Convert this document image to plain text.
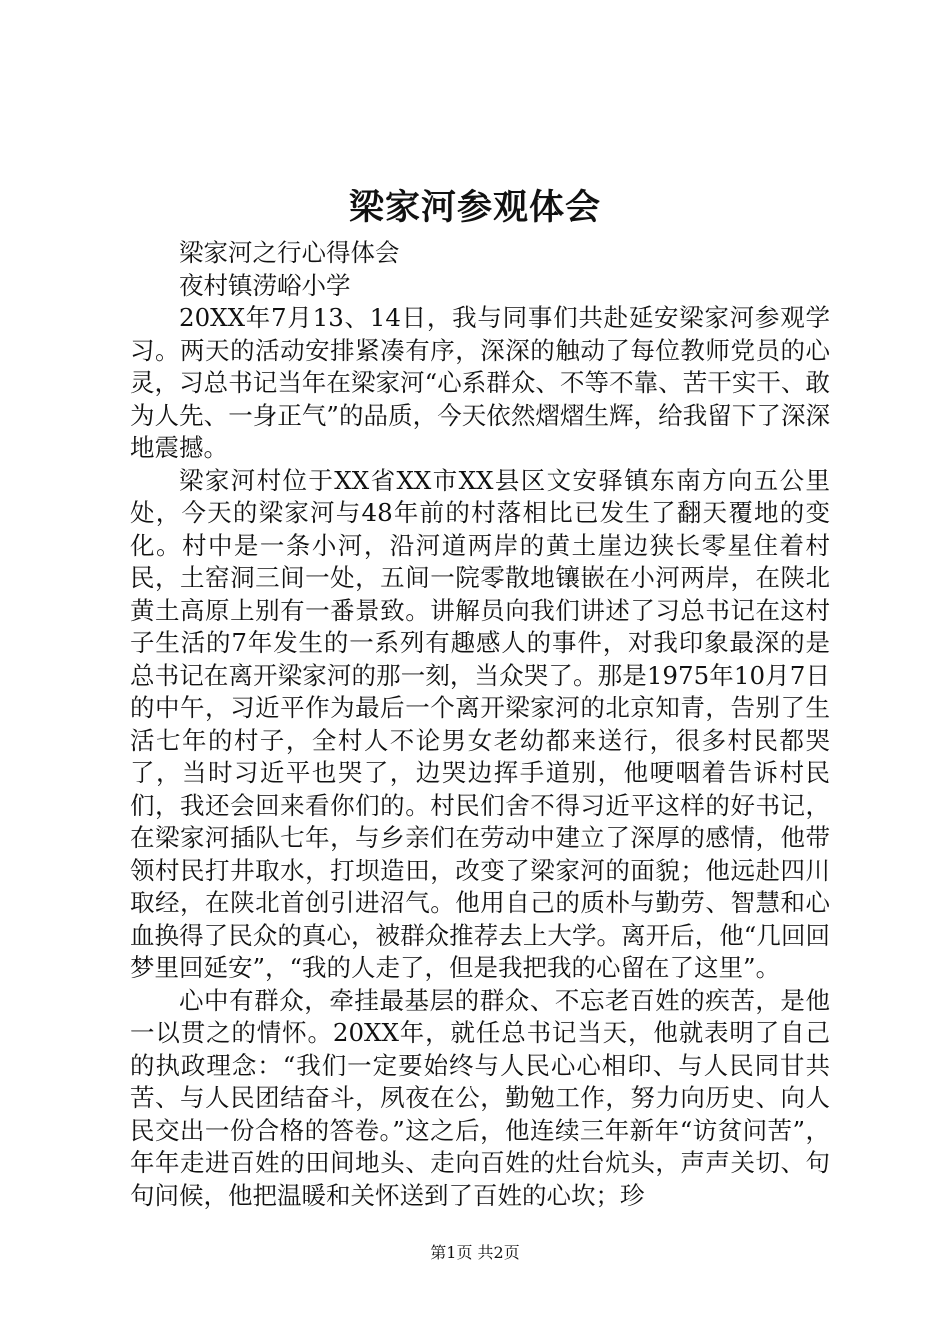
梁家河参观体会

梁家河之行心得体会

夜村镇涝峪小学

20XX年7月13、14日，我与同事们共赴延安梁家河参观学习。两天的活动安排紧凑有序，深深的触动了每位教师党员的心灵，习总书记当年在梁家河“心系群众、不等不靠、苦干实干、敢为人先、一身正气”的品质，今天依然熠熠生辉，给我留下了深深地震撼。

梁家河村位于XX省XX市XX县区文安驿镇东南方向五公里处，今天的梁家河与48年前的村落相比已发生了翻天覆地的变化。村中是一条小河，沿河道两岸的黄土崖边狭长零星住着村民，土窑洞三间一处，五间一院零散地镶嵌在小河两岸，在陕北黄土高原上别有一番景致。讲解员向我们讲述了习总书记在这村子生活的7年发生的一系列有趣感人的事件，对我印象最深的是总书记在离开梁家河的那一刻，当众哭了。那是1975年10月7日的中午，习近平作为最后一个离开梁家河的北京知青，告别了生活七年的村子，全村人不论男女老幼都来送行，很多村民都哭了，当时习近平也哭了，边哭边挥手道别，他哽咽着告诉村民们，我还会回来看你们的。村民们舍不得习近平这样的好书记，在梁家河插队七年，与乡亲们在劳动中建立了深厚的感情，他带领村民打井取水，打坝造田，改变了梁家河的面貌；他远赴四川取经，在陕北首创引进沼气。他用自己的质朴与勤劳、智慧和心血换得了民众的真心，被群众推荐去上大学。离开后，他“几回回梦里回延安”，“我的人走了，但是我把我的心留在了这里”。

心中有群众，牵挂最基层的群众、不忘老百姓的疾苦，是他一以贯之的情怀。20XX年，就任总书记当天，他就表明了自己的执政理念：“我们一定要始终与人民心心相印、与人民同甘共苦、与人民团结奋斗，夙夜在公，勤勉工作，努力向历史、向人民交出一份合格的答卷。”这之后，他连续三年新年“访贫问苦”，年年走进百姓的田间地头、走向百姓的灶台炕头，声声关切、句句问候，他把温暖和关怀送到了百姓的心坎；珍

第1页 共2页
